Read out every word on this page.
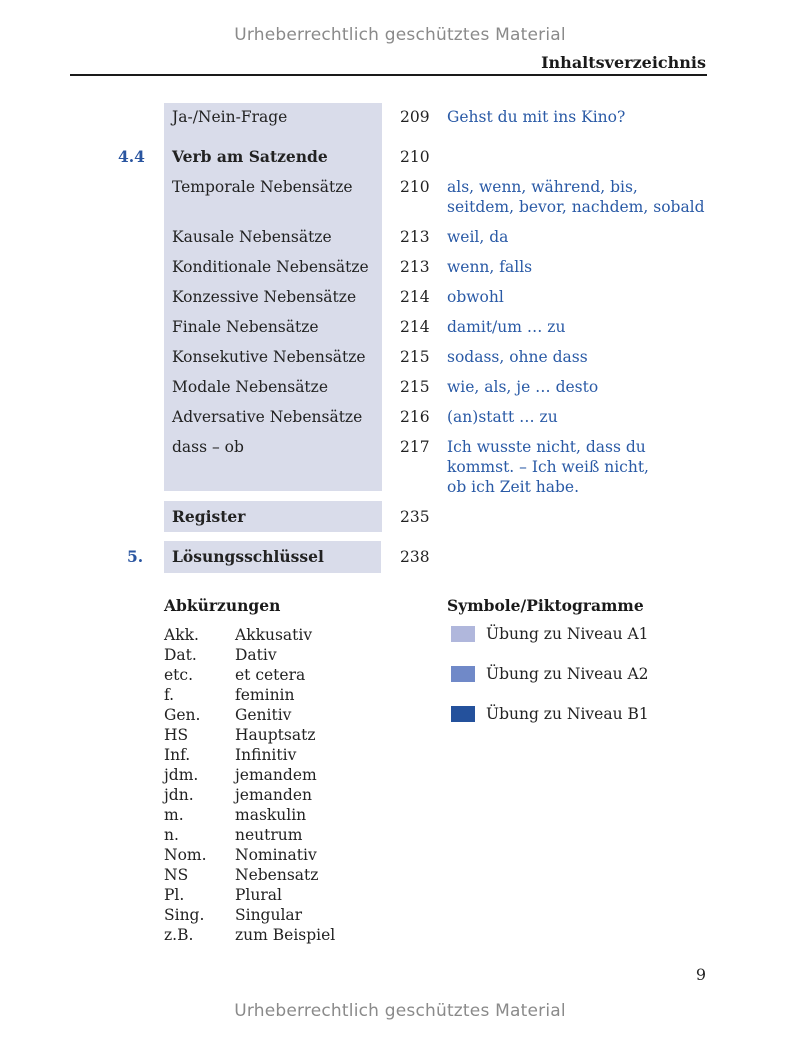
Urheberrechtlich geschütztes Material
Inhaltsverzeichnis
Ja-/Nein-Frage	209 Gehst du mit ins Kino?
4.4 Verb am Satzende	210
Temporale Nebensätze	210 als, wenn, während, bis, seitdem, bevor, nachdem, sobald
Kausale Nebensätze	213 weil, da
Konditionale Nebensätze 213 wenn, falls
Konzessive Nebensätze	214 obwohl
Finale Nebensätze	214 damit/um … zu
Konsekutive Nebensätze 215 sodass, ohne dass
Modale Nebensätze	215 wie, als, je … desto
Adversative Nebensätze 216 (an)statt … zu
dass – ob	217 Ich wusste nicht, dass du kommst. – Ich weiß nicht, ob ich Zeit habe.
Register	235
5. Lösungsschlüssel	238
Abkürzungen
Akk. Akkusativ
Dat. Dativ
etc.	et cetera
f.	feminin
Gen. Genitiv
HS	Hauptsatz
Inf.	Infinitiv
jdm. jemandem
jdn.	jemanden
m.	maskulin
n.	neutrum
Nom. Nominativ
NS	Nebensatz
Pl.	Plural
Sing. Singular
z.B.	zum Beispiel
Symbole/Piktogramme
Übung zu Niveau A1
Übung zu Niveau A2
Übung zu Niveau B1
9
Urheberrechtlich geschütztes Material
